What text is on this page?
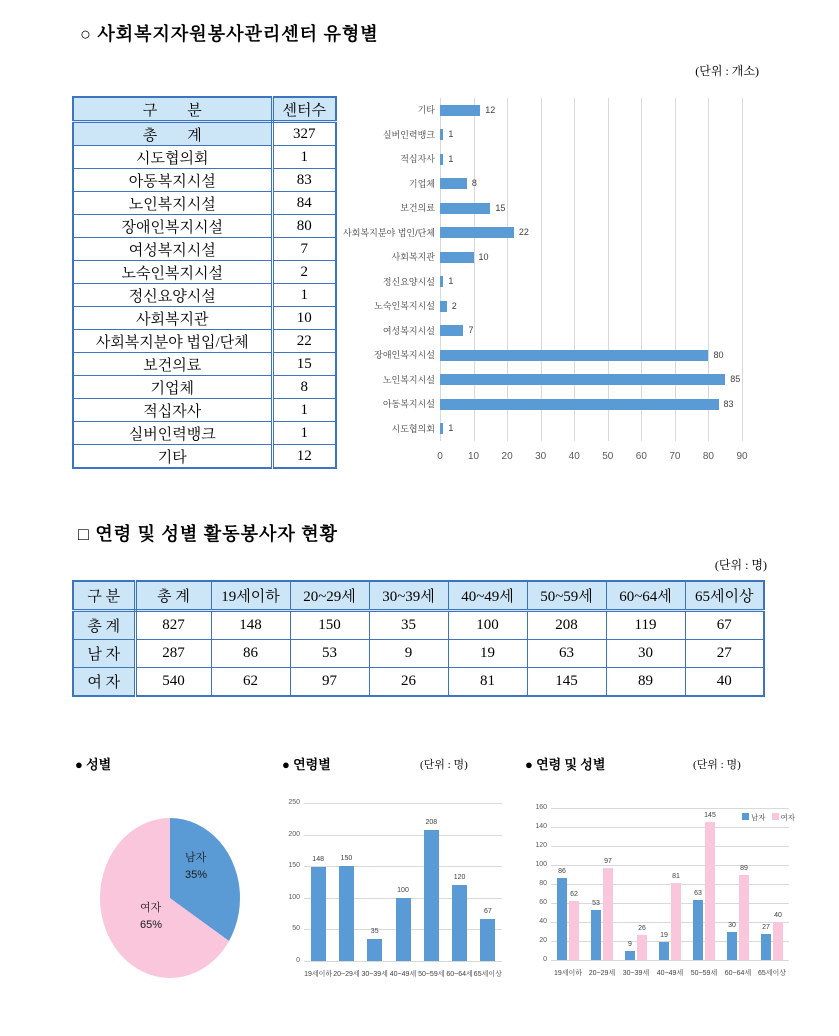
○ 사회복지자원봉사관리센터 유형별
(단위 : 개소)
구        분	센터수
총        계	327
시도협의회	1
아동복지시설	83
노인복지시설	84
장애인복지시설	80
여성복지시설	7
노숙인복지시설	2
정신요양시설	1
사회복지관	10
사회복지분야 법입/단체	22
보건의료	15
기업체	8
적십자사	1
실버인력뱅크	1
기타	12	0	10	20	30	40	50	60	70	80	90
기타	12
실버인력뱅크 1
적십자사 1
기업체	8
보건의료	15
사회복지분야 법인/단체	22
사회복지관	10
정신요양시설 1
노숙인복지시설 2
여성복지시설	7
장애인복지시설	80
노인복지시설	85
아동복지시설	83
시도협의회 1
□ 연령 및 성별 활동봉사자 현황
(단위 : 명)
구 분	총 계	19세이하	20~29세	30~39세	40~49세	50~59세	60~64세	65세이상
총 계	827	148	150	35	100	208	119	67
남 자	287	86	53	9	19	63	30	27
여 자	540	62	97	26	81	145	89	40
● 성별	● 연령별	(단위 : 명)	● 연령 및 성별	(단위 : 명)
남자
35%
여자
65%
0
50
100
150
200
250
148
19세이하
150
20~29세
35
30~39세
100
40~49세
208
50~59세
120
60~64세
67
65세이상
0
20
40
60
80
100
120
140
160
86
62
19세이하
53
97
20~29세
9
26
30~39세
19
81
40~49세
63
145
50~59세
30
89
60~64세
27
40
65세이상
남자 여자
